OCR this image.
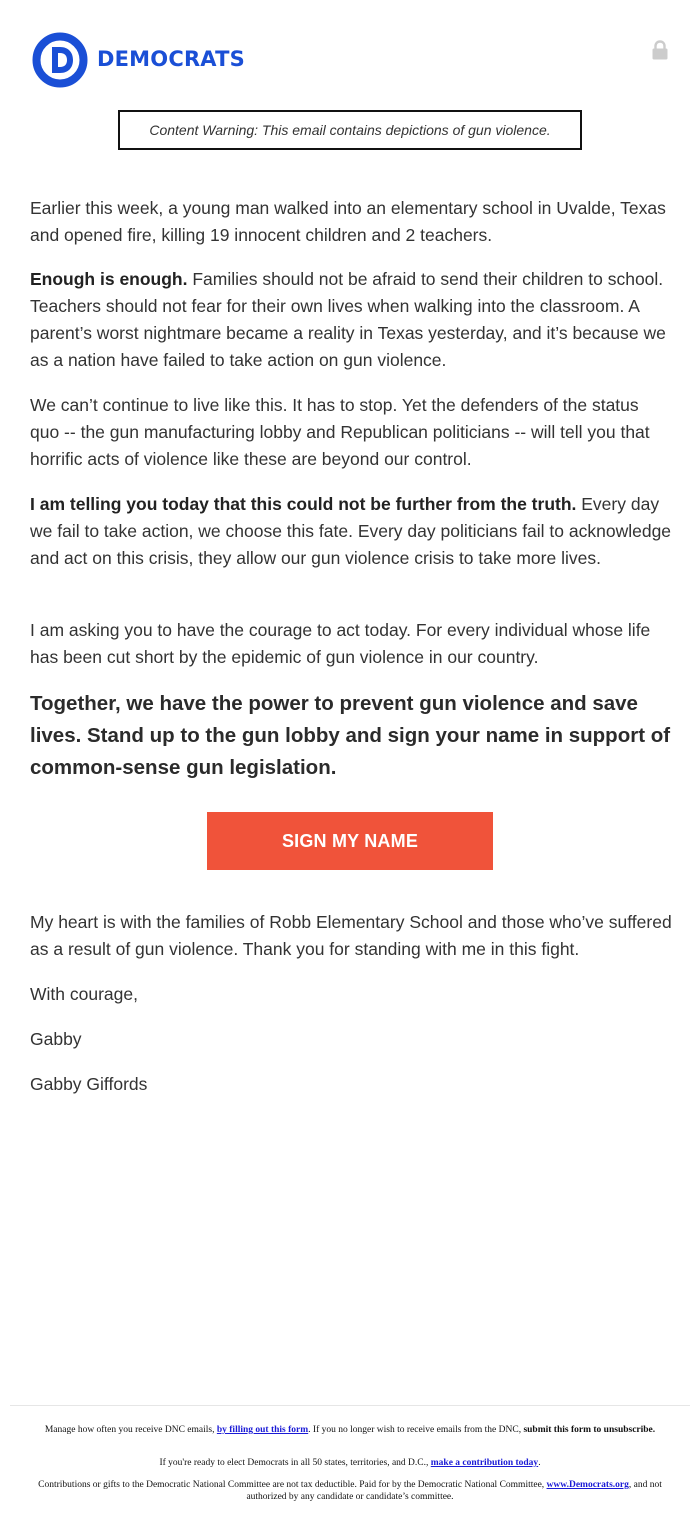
DEMOCRATS
Content Warning: This email contains depictions of gun violence.

Earlier this week, a young man walked into an elementary school in Uvalde, Texas and opened fire, killing 19 innocent children and 2 teachers.

Enough is enough. Families should not be afraid to send their children to school. Teachers should not fear for their own lives when walking into the classroom. A parent’s worst nightmare became a reality in Texas yesterday, and it’s because we as a nation have failed to take action on gun violence.

We can’t continue to live like this. It has to stop. Yet the defenders of the status quo -- the gun manufacturing lobby and Republican politicians -- will tell you that horrific acts of violence like these are beyond our control.

I am telling you today that this could not be further from the truth. Every day we fail to take action, we choose this fate. Every day politicians fail to acknowledge and act on this crisis, they allow our gun violence crisis to take more lives.

I am asking you to have the courage to act today. For every individual whose life has been cut short by the epidemic of gun violence in our country.

Together, we have the power to prevent gun violence and save lives. Stand up to the gun lobby and sign your name in support of common-sense gun legislation.

SIGN MY NAME

My heart is with the families of Robb Elementary School and those who’ve suffered as a result of gun violence. Thank you for standing with me in this fight.

With courage,

Gabby

Gabby Giffords

Manage how often you receive DNC emails, by filling out this form. If you no longer wish to receive emails from the DNC, submit this form to unsubscribe.

If you're ready to elect Democrats in all 50 states, territories, and D.C., make a contribution today.

Contributions or gifts to the Democratic National Committee are not tax deductible. Paid for by the Democratic National Committee, www.Democrats.org, and not authorized by any candidate or candidate’s committee.
